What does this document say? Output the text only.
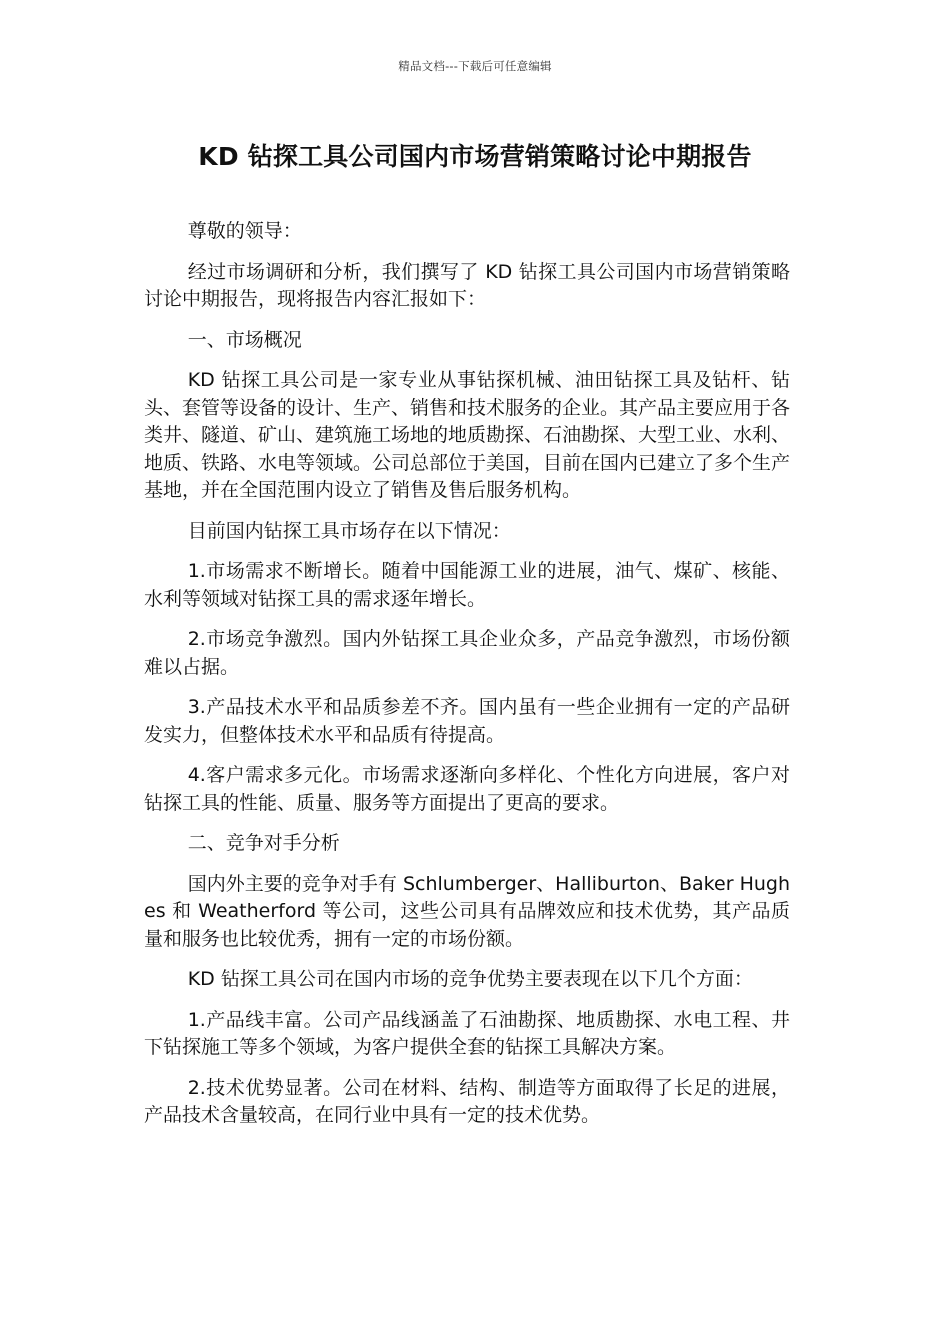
精品文档---下载后可任意编辑
KD 钻探工具公司国内市场营销策略讨论中期报告

尊敬的领导：

经过市场调研和分析，我们撰写了 KD 钻探工具公司国内市场营销策略讨论中期报告，现将报告内容汇报如下：

一、市场概况

KD 钻探工具公司是一家专业从事钻探机械、油田钻探工具及钻杆、钻头、套管等设备的设计、生产、销售和技术服务的企业。其产品主要应用于各类井、隧道、矿山、建筑施工场地的地质勘探、石油勘探、大型工业、水利、地质、铁路、水电等领域。公司总部位于美国，目前在国内已建立了多个生产基地，并在全国范围内设立了销售及售后服务机构。

目前国内钻探工具市场存在以下情况：

1.市场需求不断增长。随着中国能源工业的进展，油气、煤矿、核能、水利等领域对钻探工具的需求逐年增长。

2.市场竞争激烈。国内外钻探工具企业众多，产品竞争激烈，市场份额难以占据。

3.产品技术水平和品质参差不齐。国内虽有一些企业拥有一定的产品研发实力，但整体技术水平和品质有待提高。

4.客户需求多元化。市场需求逐渐向多样化、个性化方向进展，客户对钻探工具的性能、质量、服务等方面提出了更高的要求。

二、竞争对手分析

国内外主要的竞争对手有 Schlumberger、Halliburton、Baker Hughes 和 Weatherford 等公司，这些公司具有品牌效应和技术优势，其产品质量和服务也比较优秀，拥有一定的市场份额。

KD 钻探工具公司在国内市场的竞争优势主要表现在以下几个方面：

1.产品线丰富。公司产品线涵盖了石油勘探、地质勘探、水电工程、井下钻探施工等多个领域，为客户提供全套的钻探工具解决方案。

2.技术优势显著。公司在材料、结构、制造等方面取得了长足的进展，产品技术含量较高，在同行业中具有一定的技术优势。
